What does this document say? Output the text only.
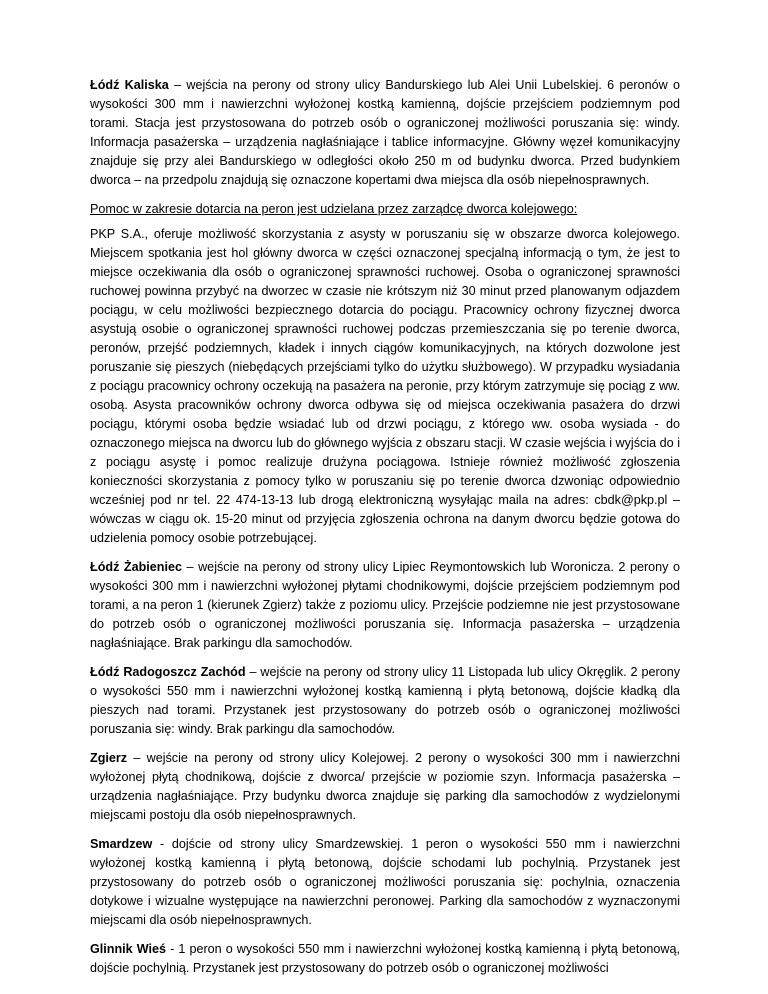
Łódź Kaliska – wejścia na perony od strony ulicy Bandurskiego lub Alei Unii Lubelskiej. 6 peronów o wysokości 300 mm i nawierzchni wyłożonej kostką kamienną, dojście przejściem podziemnym pod torami. Stacja jest przystosowana do potrzeb osób o ograniczonej możliwości poruszania się: windy. Informacja pasażerska – urządzenia nagłaśniające i tablice informacyjne. Główny węzeł komunikacyjny znajduje się przy alei Bandurskiego w odległości około 250 m od budynku dworca. Przed budynkiem dworca – na przedpolu znajdują się oznaczone kopertami dwa miejsca dla osób niepełnosprawnych.

Pomoc w zakresie dotarcia na peron jest udzielana przez zarządcę dworca kolejowego:

PKP S.A., oferuje możliwość skorzystania z asysty w poruszaniu się w obszarze dworca kolejowego. Miejscem spotkania jest hol główny dworca w części oznaczonej specjalną informacją o tym, że jest to miejsce oczekiwania dla osób o ograniczonej sprawności ruchowej. Osoba o ograniczonej sprawności ruchowej powinna przybyć na dworzec w czasie nie krótszym niż 30 minut przed planowanym odjazdem pociągu, w celu możliwości bezpiecznego dotarcia do pociągu. Pracownicy ochrony fizycznej dworca asystują osobie o ograniczonej sprawności ruchowej podczas przemieszczania się po terenie dworca, peronów, przejść podziemnych, kładek i innych ciągów komunikacyjnych, na których dozwolone jest poruszanie się pieszych (niebędących przejściami tylko do użytku służbowego). W przypadku wysiadania z pociągu pracownicy ochrony oczekują na pasażera na peronie, przy którym zatrzymuje się pociąg z ww. osobą. Asysta pracowników ochrony dworca odbywa się od miejsca oczekiwania pasażera do drzwi pociągu, którymi osoba będzie wsiadać lub od drzwi pociągu, z którego ww. osoba wysiada - do oznaczonego miejsca na dworcu lub do głównego wyjścia z obszaru stacji. W czasie wejścia i wyjścia do i z pociągu asystę i pomoc realizuje drużyna pociągowa. Istnieje również możliwość zgłoszenia konieczności skorzystania z pomocy tylko w poruszaniu się po terenie dworca dzwoniąc odpowiednio wcześniej pod nr tel. 22 474-13-13 lub drogą elektroniczną wysyłając maila na adres: cbdk@pkp.pl –wówczas w ciągu ok. 15-20 minut od przyjęcia zgłoszenia ochrona na danym dworcu będzie gotowa do udzielenia pomocy osobie potrzebującej.

Łódź Żabieniec – wejście na perony od strony ulicy Lipiec Reymontowskich lub Woronicza. 2 perony o wysokości 300 mm i nawierzchni wyłożonej płytami chodnikowymi, dojście przejściem podziemnym pod torami, a na peron 1 (kierunek Zgierz) także z poziomu ulicy. Przejście podziemne nie jest przystosowane do potrzeb osób o ograniczonej możliwości poruszania się. Informacja pasażerska – urządzenia nagłaśniające. Brak parkingu dla samochodów.

Łódź Radogoszcz Zachód – wejście na perony od strony ulicy 11 Listopada lub ulicy Okręglik. 2 perony o wysokości 550 mm i nawierzchni wyłożonej kostką kamienną i płytą betonową, dojście kładką dla pieszych nad torami. Przystanek jest przystosowany do potrzeb osób o ograniczonej możliwości poruszania się: windy. Brak parkingu dla samochodów.

Zgierz – wejście na perony od strony ulicy Kolejowej. 2 perony o wysokości 300 mm i nawierzchni wyłożonej płytą chodnikową, dojście z dworca/ przejście w poziomie szyn. Informacja pasażerska – urządzenia nagłaśniające. Przy budynku dworca znajduje się parking dla samochodów z wydzielonymi miejscami postoju dla osób niepełnosprawnych.

Smardzew - dojście od strony ulicy Smardzewskiej. 1 peron o wysokości 550 mm i nawierzchni wyłożonej kostką kamienną i płytą betonową, dojście schodami lub pochylnią. Przystanek jest przystosowany do potrzeb osób o ograniczonej możliwości poruszania się: pochylnia, oznaczenia dotykowe i wizualne występujące na nawierzchni peronowej. Parking dla samochodów z wyznaczonymi miejscami dla osób niepełnosprawnych.

Glinnik Wieś - 1 peron o wysokości 550 mm i nawierzchni wyłożonej kostką kamienną i płytą betonową, dojście pochylnią. Przystanek jest przystosowany do potrzeb osób o ograniczonej możliwości
